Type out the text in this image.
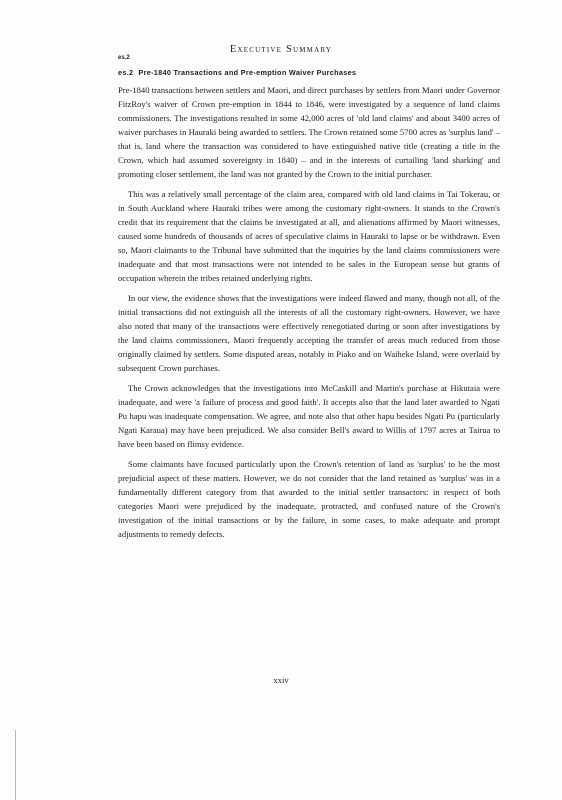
Executive Summary
es.2
es.2 Pre-1840 Transactions and Pre-emption Waiver Purchases

Pre-1840 transactions between settlers and Maori, and direct purchases by settlers from Maori under Governor FitzRoy's waiver of Crown pre-emption in 1844 to 1846, were investigated by a sequence of land claims commissioners. The investigations resulted in some 42,000 acres of 'old land claims' and about 3400 acres of waiver purchases in Hauraki being awarded to settlers. The Crown retained some 5700 acres as 'surplus land' – that is, land where the transaction was considered to have extinguished native title (creating a title in the Crown, which had assumed sovereignty in 1840) – and in the interests of curtailing 'land sharking' and promoting closer settlement, the land was not granted by the Crown to the initial purchaser.

This was a relatively small percentage of the claim area, compared with old land claims in Tai Tokerau, or in South Auckland where Hauraki tribes were among the customary right-owners. It stands to the Crown's credit that its requirement that the claims be investigated at all, and alienations affirmed by Maori witnesses, caused some hundreds of thousands of acres of speculative claims in Hauraki to lapse or be withdrawn. Even so, Maori claimants to the Tribunal have submitted that the inquiries by the land claims commissioners were inadequate and that most transactions were not intended to be sales in the European sense but grants of occupation wherein the tribes retained underlying rights.

In our view, the evidence shows that the investigations were indeed flawed and many, though not all, of the initial transactions did not extinguish all the interests of all the customary right-owners. However, we have also noted that many of the transactions were effectively renegotiated during or soon after investigations by the land claims commissioners, Maori frequently accepting the transfer of areas much reduced from those originally claimed by settlers. Some disputed areas, notably in Piako and on Waiheke Island, were overlaid by subsequent Crown purchases.

The Crown acknowledges that the investigations into McCaskill and Martin's purchase at Hikutaia were inadequate, and were 'a failure of process and good faith'. It accepts also that the land later awarded to Ngati Pu hapu was inadequate compensation. We agree, and note also that other hapu besides Ngati Pu (particularly Ngati Karaua) may have been prejudiced. We also consider Bell's award to Willis of 1797 acres at Tairua to have been based on flimsy evidence.

Some claimants have focused particularly upon the Crown's retention of land as 'surplus' to be the most prejudicial aspect of these matters. However, we do not consider that the land retained as 'surplus' was in a fundamentally different category from that awarded to the initial settler transactors: in respect of both categories Maori were prejudiced by the inadequate, protracted, and confused nature of the Crown's investigation of the initial transactions or by the failure, in some cases, to make adequate and prompt adjustments to remedy defects.

xxiv
